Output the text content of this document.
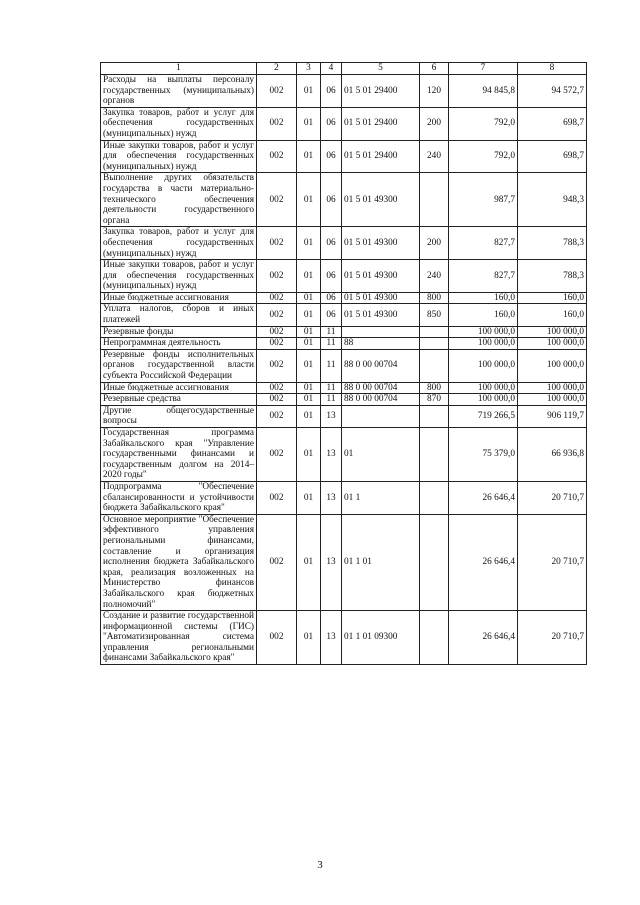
1	2	3	4	5	6	7	8
Расходы на выплаты персоналу государственных (муниципальных) органов	002	01	06	01 5 01 29400	120	94 845,8	94 572,7
Закупка товаров, работ и услуг для обеспечения государственных (муниципальных) нужд	002	01	06	01 5 01 29400	200	792,0	698,7
Иные закупки товаров, работ и услуг для обеспечения государственных (муниципальных) нужд	002	01	06	01 5 01 29400	240	792,0	698,7
Выполнение других обязательств государства в части материально-технического обеспечения деятельности государственного органа	002	01	06	01 5 01 49300		987,7	948,3
Закупка товаров, работ и услуг для обеспечения государственных (муниципальных) нужд	002	01	06	01 5 01 49300	200	827,7	788,3
Иные закупки товаров, работ и услуг для обеспечения государственных (муниципальных) нужд	002	01	06	01 5 01 49300	240	827,7	788,3
Иные бюджетные ассигнования	002	01	06	01 5 01 49300	800	160,0	160,0
Уплата налогов, сборов и иных платежей	002	01	06	01 5 01 49300	850	160,0	160,0
Резервные фонды	002	01	11			100 000,0	100 000,0
Непрограммная деятельность	002	01	11	88		100 000,0	100 000,0
Резервные фонды исполнительных органов государственной власти субъекта Российской Федерации	002	01	11	88 0 00 00704		100 000,0	100 000,0
Иные бюджетные ассигнования	002	01	11	88 0 00 00704	800	100 000,0	100 000,0
Резервные средства	002	01	11	88 0 00 00704	870	100 000,0	100 000,0
Другие общегосударственные вопросы	002	01	13			719 266,5	906 119,7
Государственная программа Забайкальского края "Управление государственными финансами и государственным долгом на 2014–2020 годы"	002	01	13	01		75 379,0	66 936,8
Подпрограмма "Обеспечение сбалансированности и устойчивости бюджета Забайкальского края"	002	01	13	01 1		26 646,4	20 710,7
Основное мероприятие "Обеспечение эффективного управления региональными финансами, составление и организация исполнения бюджета Забайкальского края, реализация возложенных на Министерство финансов Забайкальского края бюджетных полномочий"	002	01	13	01 1 01		26 646,4	20 710,7
Создание и развитие государственной информационной системы (ГИС) "Автоматизированная система управления региональными финансами Забайкальского края"	002	01	13	01 1 01 09300		26 646,4	20 710,7
3
